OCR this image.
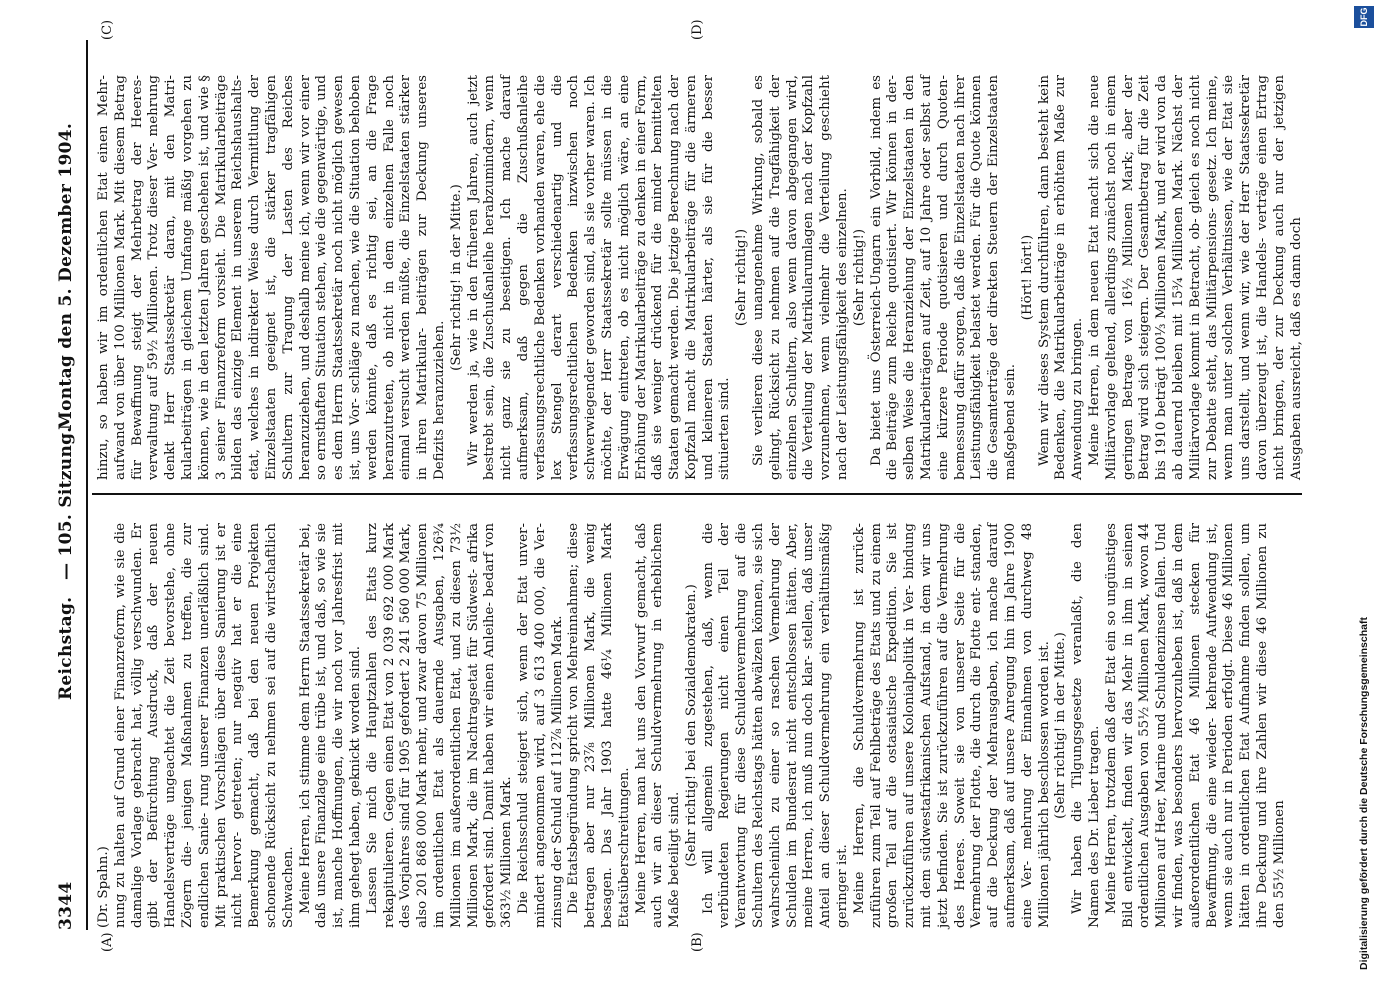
3344
Reichstag.
— 105. Sitzung.
Montag den 5. Dezember 1904.
(A)	(B)
(C)	(D)

(Dr. Spahn.) nung zu halten auf Grund einer Finanzreform, wie sie die damalige Vorlage gebracht hat, völlig verschwunden. Er gibt der Befürchtung Ausdruck, daß der neuen Handelsverträge ungeachtet die Zeit bevorstehe, ohne Zögern die- jenigen Maßnahmen zu treffen, die zur endlichen Sanie- rung unserer Finanzen unerläßlich sind. Mit praktischen Vorschlägen über diese Sanierung ist er nicht hervor- getreten; nur negativ hat er die eine Bemerkung gemacht, daß bei den neuen Projekten schonende Rücksicht zu nehmen sei auf die wirtschaftlich Schwachen. Meine Herren, ich stimme dem Herrn Staatssekretär bei, daß unsere Finanzlage eine trübe ist, und daß, so wie sie ist, manche Hoffnungen, die wir noch vor Jahresfrist mit ihm gehegt haben, geknickt worden sind. Lassen Sie mich die Hauptzahlen des Etats kurz rekapitulieren. Gegen einen Etat von 2 039 692 000 Mark des Vorjahres sind für 1905 gefordert 2 241 560 000 Mark, also 201 868 000 Mark mehr, und zwar davon 75 Millionen im ordentlichen Etat als dauernde Ausgaben, 126¾ Millionen im außerordentlichen Etat, und zu diesen 73½ Millionen Mark, die im Nachtragsetat für Südwest- afrika gefordert sind. Damit haben wir einen Anleihe- bedarf von 363½ Millionen Mark. Die Reichsschuld steigert sich, wenn der Etat unver- mindert angenommen wird, auf 3 613 400 000, die Ver- zinsung der Schuld auf 112⅞ Millionen Mark. Die Etatsbegründung spricht von Mehreinnahmen; diese betragen aber nur 23⅞ Millionen Mark, die wenig besagen. Das Jahr 1903 hatte 46¼ Millionen Mark Etatsüberschreitungen. Meine Herren, man hat uns den Vorwurf gemacht, daß auch wir an dieser Schuldvermehrung in erheblichem Maße beteiligt sind. (Sehr richtig! bei den Sozialdemokraten.) Ich will allgemein zugestehen, daß, wenn die verbündeten Regierungen nicht einen Teil der Verantwortung für diese Schuldenvermehrung auf die Schultern des Reichstags hätten abwälzen können, sie sich wahrscheinlich zu einer so raschen Vermehrung der Schulden im Bundesrat nicht entschlossen hätten. Aber, meine Herren, ich muß nun doch klar- stellen, daß unser Anteil an dieser Schuldvermehrung ein verhältnismäßig geringer ist. Meine Herren, die Schuldvermehrung ist zurück- zuführen zum Teil auf Fehlbeträge des Etats und zu einem großen Teil auf die ostasiatische Expedition. Sie ist zurückzuführen auf unsere Kolonialpolitik in Ver- bindung mit dem südwestafrikanischen Aufstand, in dem wir uns jetzt befinden. Sie ist zurückzuführen auf die Vermehrung des Heeres. Soweit sie von unserer Seite für die Vermehrung der Flotte, die durch die Flotte ent- standen, auf die Deckung der Mehrausgaben, ich mache darauf aufmerksam, daß auf unsere Anregung hin im Jahre 1900 eine Ver- mehrung der Einnahmen von durchweg 48 Millionen jährlich beschlossen worden ist. (Sehr richtig! in der Mitte.) Wir haben die Tilgungsgesetze veranlaßt, die den Namen des Dr. Lieber tragen. Meine Herren, trotzdem daß der Etat ein so ungünstiges Bild entwickelt, finden wir das Mehr in ihm in seinen ordentlichen Ausgaben von 55½ Millionen Mark, wovon 44 Millionen auf Heer, Marine und Schuldenzinsen fallen. Und wir finden, was besonders hervorzuheben ist, daß in dem außerordentlichen Etat 46 Millionen stecken für Bewaffnung, die eine wieder- kehrende Aufwendung ist, wenn sie auch nur in Perioden erfolgt. Diese 46 Millionen hätten in ordentlichen Etat Aufnahme finden sollen, um ihre Deckung und ihre Zahlen wir diese 46 Millionen zu den 55½ Millionen

hinzu, so haben wir im ordentlichen Etat einen Mehr- aufwand von über 100 Millionen Mark. Mit diesem Betrag für Bewaffnung steigt der Mehrbetrag der Heeres- verwaltung auf 59½ Millionen. Trotz dieser Ver- mehrung denkt Herr Staatssekretär daran, mit den Matri- kularbeiträgen in gleichem Umfange mäßig vorgehen zu können, wie in den letzten Jahren geschehen ist, und wie § 3 seiner Finanzreform vorsieht. Die Matrikularbeiträge bilden das einzige Element in unserem Reichshaushalts- etat, welches in indirekter Weise durch Vermittlung der Einzelstaaten geeignet ist, die stärker tragfähigen Schultern zur Tragung der Lasten des Reiches heranzuziehen, und deshalb meine ich, wenn wir vor einer so ernsthaften Situation stehen, wie die gegenwärtige, und es dem Herrn Staatssekretär noch nicht möglich gewesen ist, uns Vor- schläge zu machen, wie die Situation behoben werden könnte, daß es richtig sei, an die Frage heranzutreten, ob nicht in dem einzelnen Falle noch einmal versucht werden müßte, die Einzelstaaten stärker in ihren Matrikular- beiträgen zur Deckung unseres Defizits heranzuziehen.

(Sehr richtig! in der Mitte.) Wir werden ja, wie in den früheren Jahren, auch jetzt bestrebt sein, die Zuschußanleihe herabzumindern, wenn nicht ganz sie zu beseitigen. Ich mache darauf aufmerksam, daß gegen die Zuschußanleihe verfassungsrechtliche Bedenken vorhanden waren, ehe die lex Stengel derart verschiedenartig und die verfassungsrechtlichen Bedenken inzwischen noch schwerwiegender geworden sind, als sie vorher waren. Ich möchte, der Herr Staatssekretär sollte müssen in die Erwägung eintreten, ob es nicht möglich wäre, an eine Erhöhung der Matrikularbeiträge zu denken in einer Form, daß sie weniger drückend für die minder bemittelten Staaten gemacht werden. Die jetzige Berechnung nach der Kopfzahl macht die Matrikularbeiträge für die ärmeren und kleineren Staaten härter, als sie für die besser situierten sind.

(Sehr richtig!) Sie verlieren diese unangenehme Wirkung, sobald es gelingt, Rücksicht zu nehmen auf die Tragfähigkeit der einzelnen Schultern, also wenn davon abgegangen wird, die Verteilung der Matrikularumlagen nach der Kopfzahl vorzunehmen, wenn vielmehr die Verteilung geschieht nach der Leistungsfähigkeit des einzelnen. (Sehr richtig!) Da bietet uns Österreich-Ungarn ein Vorbild, indem es die Beiträge zum Reiche quotisiert. Wir können in der- selben Weise die Heranziehung der Einzelstaaten in den Matrikularbeiträgen auf Zeit, auf 10 Jahre oder selbst auf eine kürzere Periode quotisieren und durch Quoten- bemessung dafür sorgen, daß die Einzelstaaten nach ihrer Leistungsfähigkeit belastet werden. Für die Quote können die Gesamterträge der direkten Steuern der Einzelstaaten maßgebend sein.

(Hört! hört!) Wenn wir dieses System durchführen, dann besteht kein Bedenken, die Matrikularbeiträge in erhöhtem Maße zur Anwendung zu bringen. Meine Herren, in dem neuen Etat macht sich die neue Militärvorlage geltend, allerdings zunächst noch in einem geringen Betrage von 16½ Millionen Mark; aber der Betrag wird sich steigern. Der Gesamtbetrag für die Zeit bis 1910 beträgt 100⅓ Millionen Mark, und er wird von da ab dauernd bleiben mit 15¾ Millionen Mark. Nächst der Militärvorlage kommt in Betracht, ob- gleich es noch nicht zur Debatte steht, das Militärpensions- gesetz. Ich meine, wenn man unter solchen Verhältnissen, wie der Etat sie uns darstellt, und wenn wir, wie der Herr Staatssekretär davon überzeugt ist, die Handels- verträge einen Ertrag nicht bringen, der zur Deckung auch nur der jetzigen Ausgaben ausreicht, daß es dann doch

Digitalisierung gefördert durch die Deutsche Forschungsgemeinschaft
DFG
